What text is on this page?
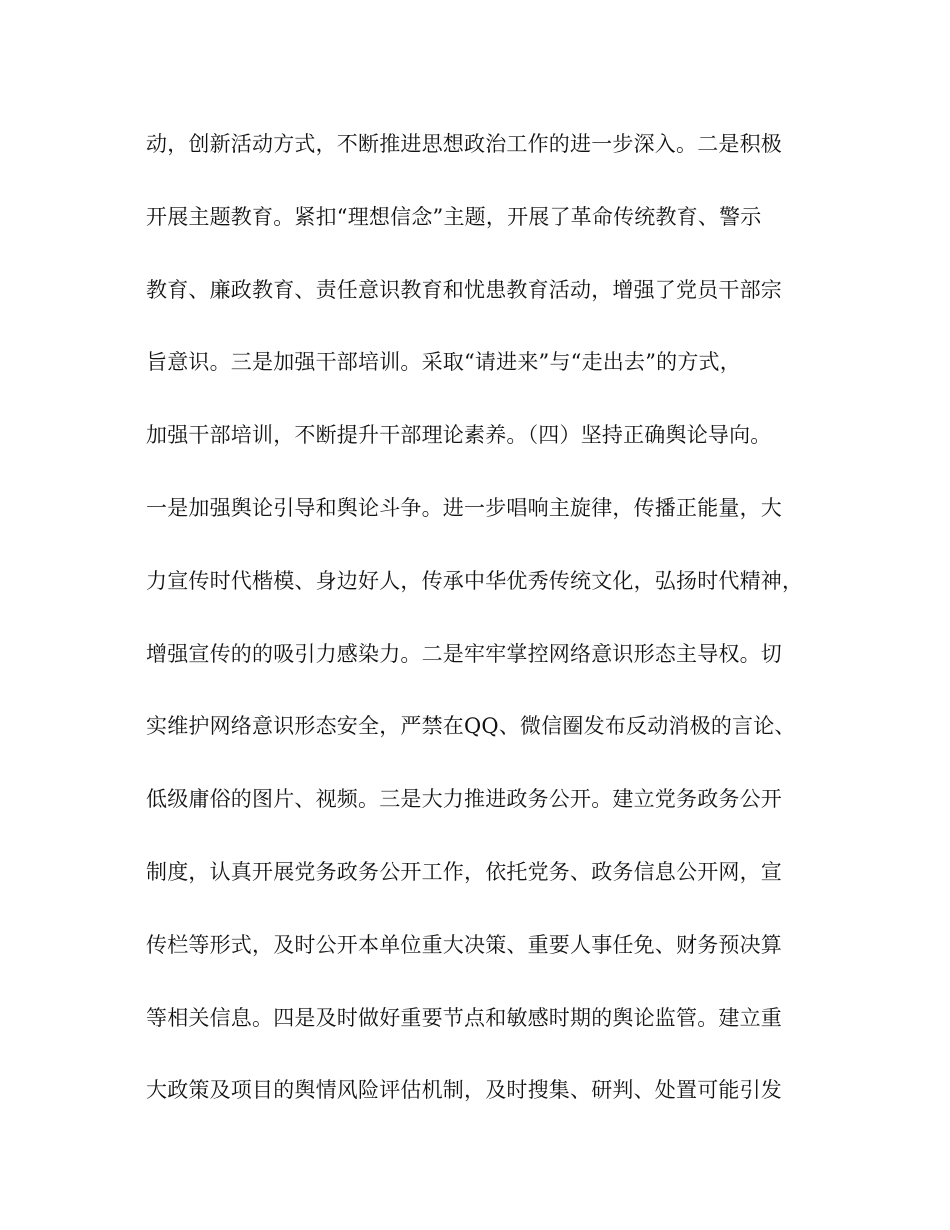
动，创新活动方式，不断推进思想政治工作的进一步深入。二是积极
开展主题教育。紧扣“理想信念”主题，开展了革命传统教育、警示
教育、廉政教育、责任意识教育和忧患教育活动，增强了党员干部宗
旨意识。三是加强干部培训。采取“请进来”与“走出去”的方式，
加强干部培训，不断提升干部理论素养。（四）坚持正确舆论导向。
一是加强舆论引导和舆论斗争。进一步唱响主旋律，传播正能量，大
力宣传时代楷模、身边好人，传承中华优秀传统文化，弘扬时代精神，
增强宣传的的吸引力感染力。二是牢牢掌控网络意识形态主导权。切
实维护网络意识形态安全，严禁在QQ、微信圈发布反动消极的言论、
低级庸俗的图片、视频。三是大力推进政务公开。建立党务政务公开
制度，认真开展党务政务公开工作，依托党务、政务信息公开网，宣
传栏等形式，及时公开本单位重大决策、重要人事任免、财务预决算
等相关信息。四是及时做好重要节点和敏感时期的舆论监管。建立重
大政策及项目的舆情风险评估机制，及时搜集、研判、处置可能引发
